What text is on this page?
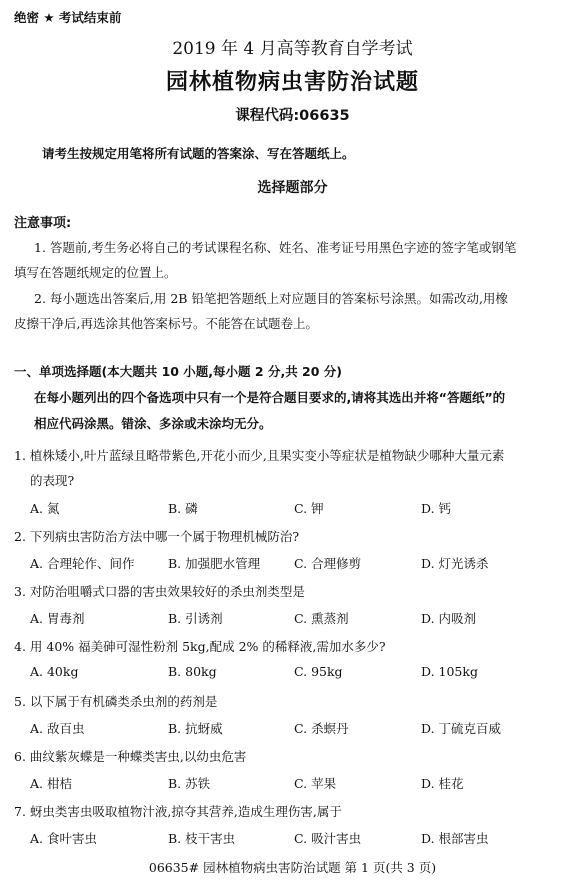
绝密 ★ 考试结束前
2019 年 4 月高等教育自学考试
园林植物病虫害防治试题
课程代码:06635
请考生按规定用笔将所有试题的答案涂、写在答题纸上。
选择题部分
注意事项:
1. 答题前,考生务必将自己的考试课程名称、姓名、准考证号用黑色字迹的签字笔或钢笔
填写在答题纸规定的位置上。
2. 每小题选出答案后,用 2B 铅笔把答题纸上对应题目的答案标号涂黑。如需改动,用橡
皮擦干净后,再选涂其他答案标号。不能答在试题卷上。
一、单项选择题(本大题共 10 小题,每小题 2 分,共 20 分)
在每小题列出的四个备选项中只有一个是符合题目要求的,请将其选出并将“答题纸”的
相应代码涂黑。错涂、多涂或未涂均无分。
1. 植株矮小,叶片蓝绿且略带紫色,开花小而少,且果实变小等症状是植物缺少哪种大量元素
的表现?
A. 氮	B. 磷	C. 钾	D. 钙
2. 下列病虫害防治方法中哪一个属于物理机械防治?
A. 合理轮作、间作	B. 加强肥水管理	C. 合理修剪	D. 灯光诱杀
3. 对防治咀嚼式口器的害虫效果较好的杀虫剂类型是
A. 胃毒剂	B. 引诱剂	C. 熏蒸剂	D. 内吸剂
4. 用 40% 福美砷可湿性粉剂 5kg,配成 2% 的稀释液,需加水多少?
A. 40kg	B. 80kg	C. 95kg	D. 105kg
5. 以下属于有机磷类杀虫剂的药剂是
A. 敌百虫	B. 抗蚜威	C. 杀螟丹	D. 丁硫克百威
6. 曲纹紫灰蝶是一种蝶类害虫,以幼虫危害
A. 柑桔	B. 苏铁	C. 苹果	D. 桂花
7. 蚜虫类害虫吸取植物汁液,掠夺其营养,造成生理伤害,属于
A. 食叶害虫	B. 枝干害虫	C. 吸汁害虫	D. 根部害虫
06635# 园林植物病虫害防治试题 第 1 页(共 3 页)
